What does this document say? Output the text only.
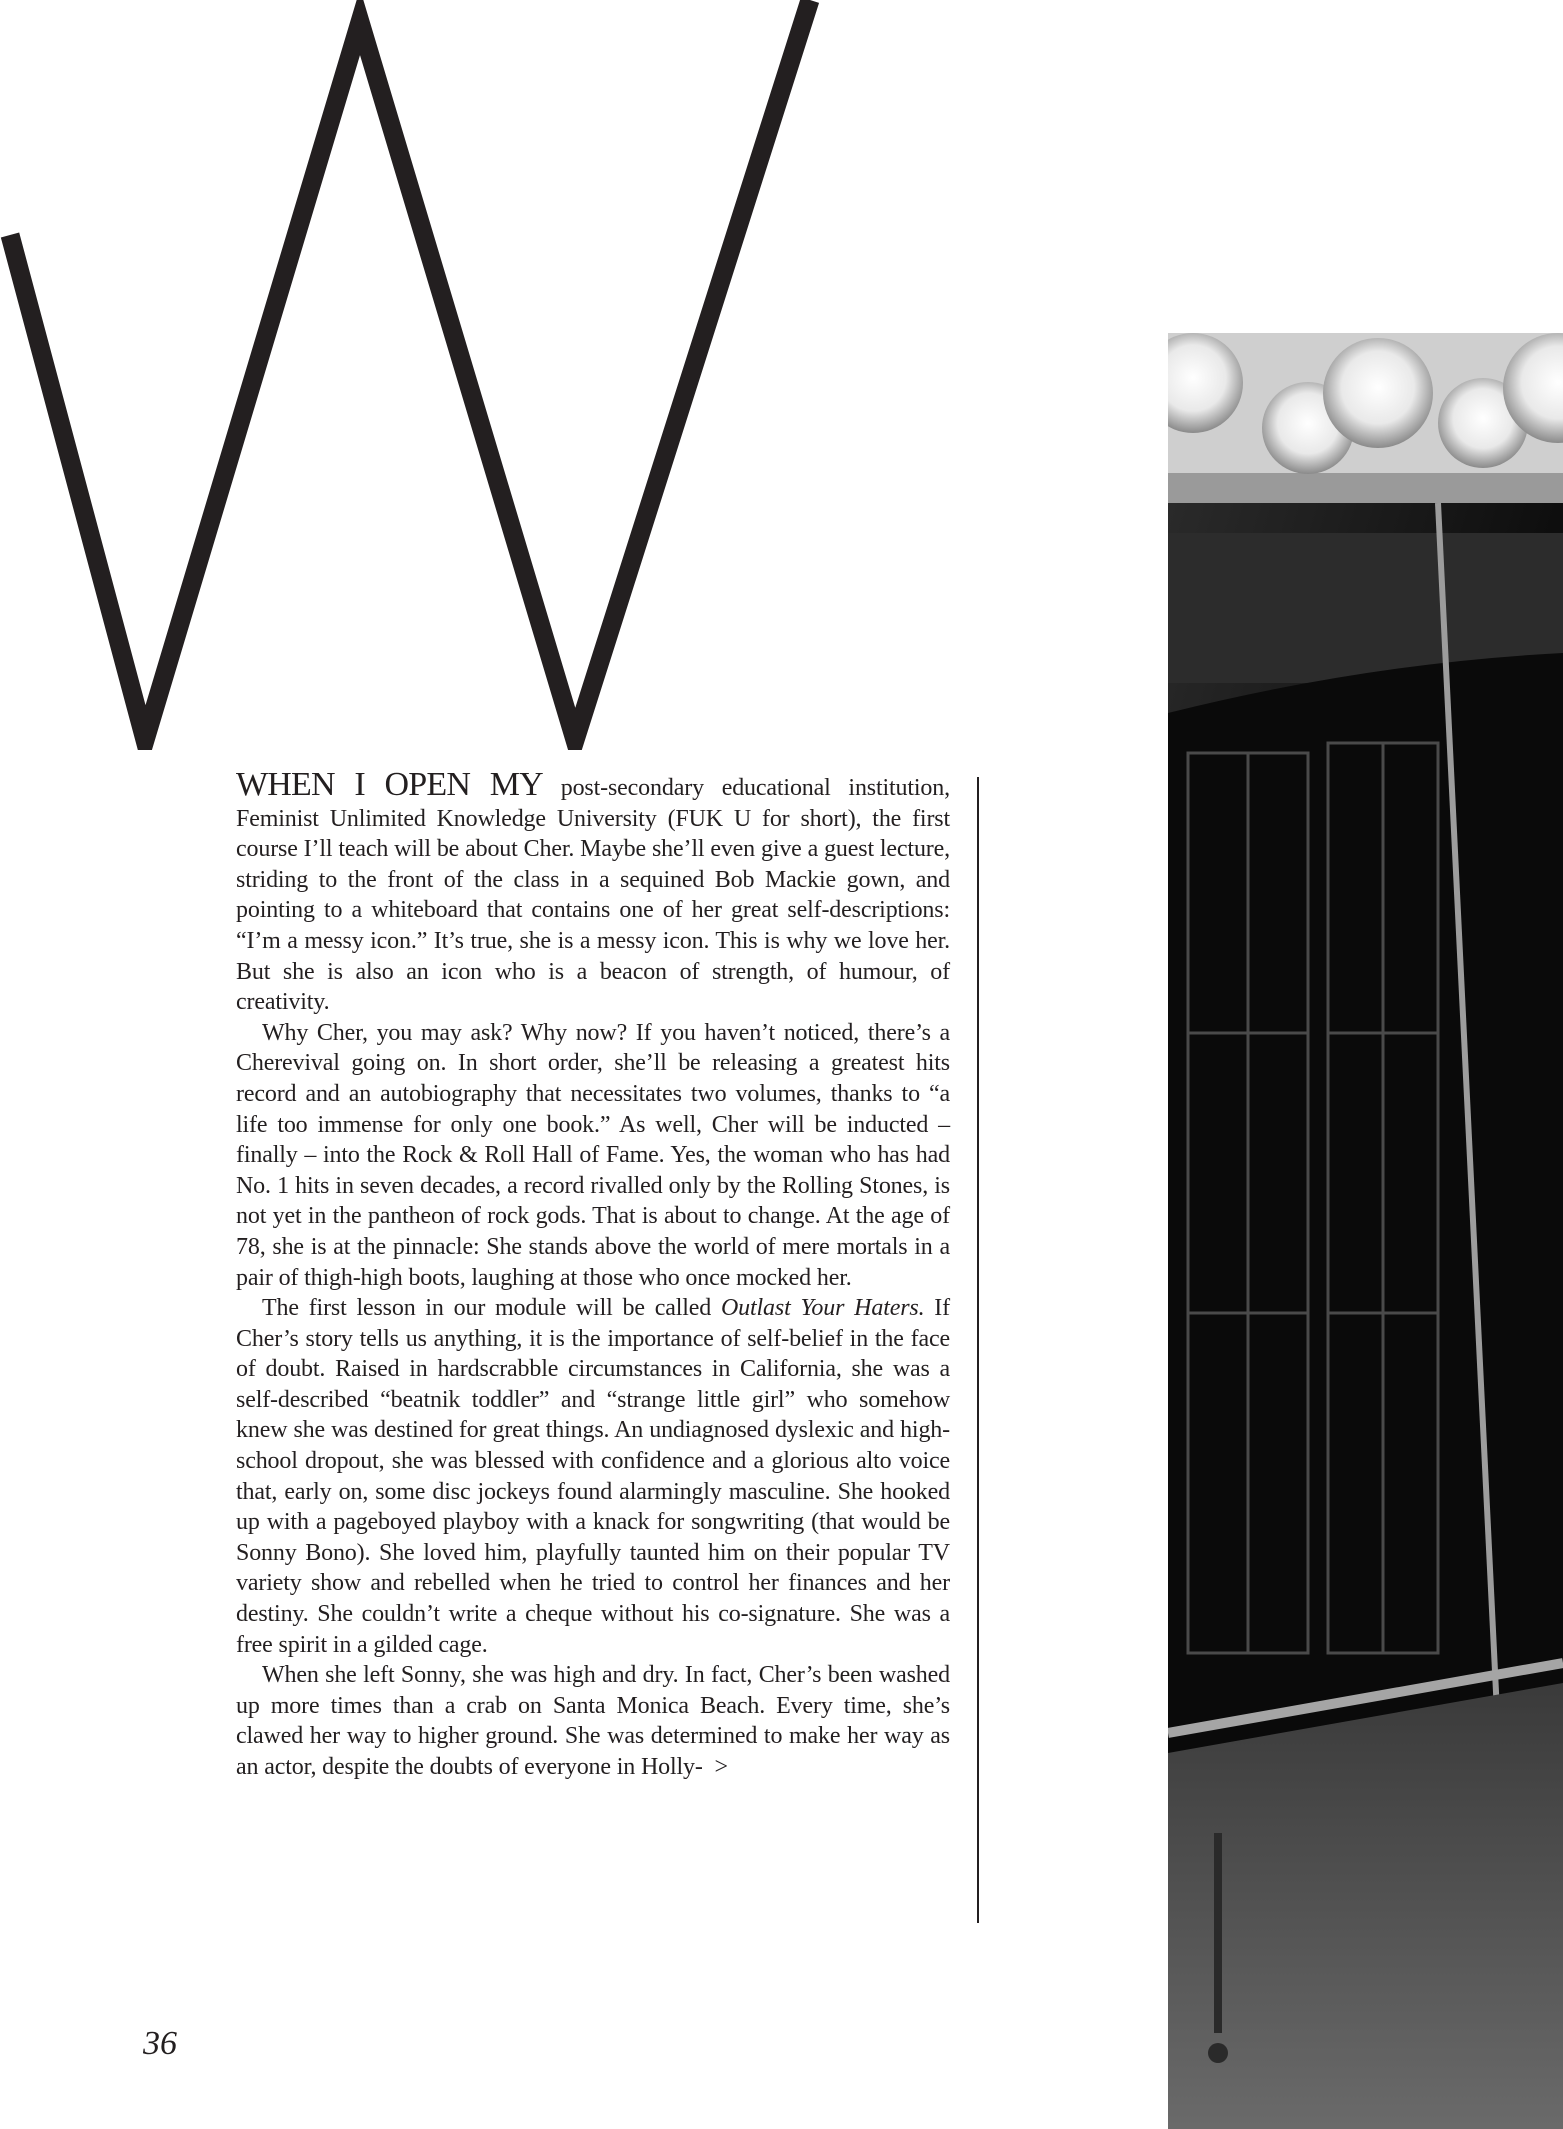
WHEN I OPEN MY post-secondary educational institution, Feminist Unlimited Knowledge University (FUK U for short), the first course I’ll teach will be about Cher. Maybe she’ll even give a guest lecture, striding to the front of the class in a sequined Bob Mackie gown, and pointing to a whiteboard that contains one of her great self-descriptions: “I’m a messy icon.” It’s true, she is a messy icon. This is why we love her. But she is also an icon who is a beacon of strength, of humour, of creativity.

Why Cher, you may ask? Why now? If you haven’t noticed, there’s a Cherevival going on. In short order, she’ll be releasing a greatest hits record and an autobiography that necessitates two volumes, thanks to “a life too immense for only one book.” As well, Cher will be inducted – finally – into the Rock & Roll Hall of Fame. Yes, the woman who has had No. 1 hits in seven decades, a record rivalled only by the Rolling Stones, is not yet in the pantheon of rock gods. That is about to change. At the age of 78, she is at the pinnacle: She stands above the world of mere mortals in a pair of thigh-high boots, laughing at those who once mocked her.

The first lesson in our module will be called Outlast Your Haters. If Cher’s story tells us anything, it is the importance of self-belief in the face of doubt. Raised in hardscrabble circumstances in California, she was a self-described “beatnik toddler” and “strange little girl” who somehow knew she was destined for great things. An undiagnosed dyslexic and high-school dropout, she was blessed with confidence and a glorious alto voice that, early on, some disc jockeys found alarmingly masculine. She hooked up with a pageboyed playboy with a knack for songwriting (that would be Sonny Bono). She loved him, playfully taunted him on their popular TV variety show and rebelled when he tried to control her finances and her destiny. She couldn’t write a cheque without his co-signature. She was a free spirit in a gilded cage.

When she left Sonny, she was high and dry. In fact, Cher’s been washed up more times than a crab on Santa Monica Beach. Every time, she’s clawed her way to higher ground. She was determined to make her way as an actor, despite the doubts of everyone in Holly- >

36
